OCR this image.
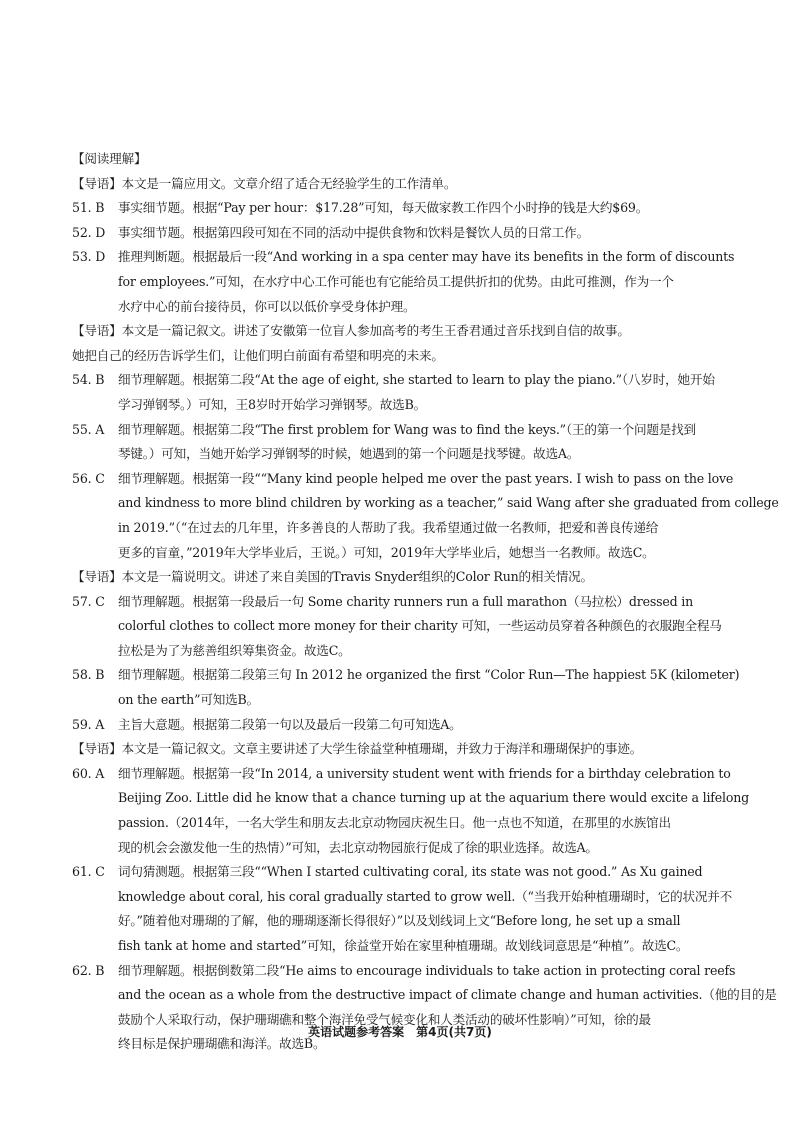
【阅读理解】
【导语】本文是一篇应用文。文章介绍了适合无经验学生的工作清单。
51. B	事实细节题。根据“Pay per hour：$17.28”可知，每天做家教工作四个小时挣的钱是大约$69。
52. D	事实细节题。根据第四段可知在不同的活动中提供食物和饮料是餐饮人员的日常工作。
53. D	推理判断题。根据最后一段“And working in a spa center may have its benefits in the form of discounts
for employees.”可知，在水疗中心工作可能也有它能给员工提供折扣的优势。由此可推测，作为一个
水疗中心的前台接待员，你可以以低价享受身体护理。
【导语】本文是一篇记叙文。讲述了安徽第一位盲人参加高考的考生王香君通过音乐找到自信的故事。
她把自己的经历告诉学生们，让他们明白前面有希望和明亮的未来。
54. B	细节理解题。根据第二段“At the age of eight, she started to learn to play the piano.”（八岁时，她开始
学习弹钢琴。）可知，王8岁时开始学习弹钢琴。故选B。
55. A	细节理解题。根据第二段“The first problem for Wang was to find the keys.”（王的第一个问题是找到
琴键。）可知，当她开始学习弹钢琴的时候，她遇到的第一个问题是找琴键。故选A。
56. C	细节理解题。根据第一段““Many kind people helped me over the past years. I wish to pass on the love
and kindness to more blind children by working as a teacher,” said Wang after she graduated from college
in 2019.”（“在过去的几年里，许多善良的人帮助了我。我希望通过做一名教师，把爱和善良传递给
更多的盲童，”2019年大学毕业后，王说。）可知，2019年大学毕业后，她想当一名教师。故选C。
【导语】本文是一篇说明文。讲述了来自美国的Travis Snyder组织的Color Run的相关情况。
57. C	细节理解题。根据第一段最后一句 Some charity runners run a full marathon（马拉松）dressed in
colorful clothes to collect more money for their charity 可知，一些运动员穿着各种颜色的衣服跑全程马
拉松是为了为慈善组织筹集资金。故选C。
58. B	细节理解题。根据第二段第三句 In 2012 he organized the first “Color Run—The happiest 5K (kilometer)
on the earth”可知选B。
59. A	主旨大意题。根据第二段第一句以及最后一段第二句可知选A。
【导语】本文是一篇记叙文。文章主要讲述了大学生徐益堂种植珊瑚，并致力于海洋和珊瑚保护的事迹。
60. A	细节理解题。根据第一段“In 2014, a university student went with friends for a birthday celebration to
Beijing Zoo. Little did he know that a chance turning up at the aquarium there would excite a lifelong
passion.（2014年，一名大学生和朋友去北京动物园庆祝生日。他一点也不知道，在那里的水族馆出
现的机会会激发他一生的热情）”可知，去北京动物园旅行促成了徐的职业选择。故选A。
61. C	词句猜测题。根据第三段““When I started cultivating coral, its state was not good.” As Xu gained
knowledge about coral, his coral gradually started to grow well.（“当我开始种植珊瑚时，它的状况并不
好。”随着他对珊瑚的了解，他的珊瑚逐渐长得很好）”以及划线词上文“Before long, he set up a small
fish tank at home and started”可知，徐益堂开始在家里种植珊瑚。故划线词意思是“种植”。故选C。
62. B	细节理解题。根据倒数第二段“He aims to encourage individuals to take action in protecting coral reefs
and the ocean as a whole from the destructive impact of climate change and human activities.（他的目的是
鼓励个人采取行动，保护珊瑚礁和整个海洋免受气候变化和人类活动的破坏性影响）”可知，徐的最
终目标是保护珊瑚礁和海洋。故选B。
英语试题参考答案　第4页(共7页)
